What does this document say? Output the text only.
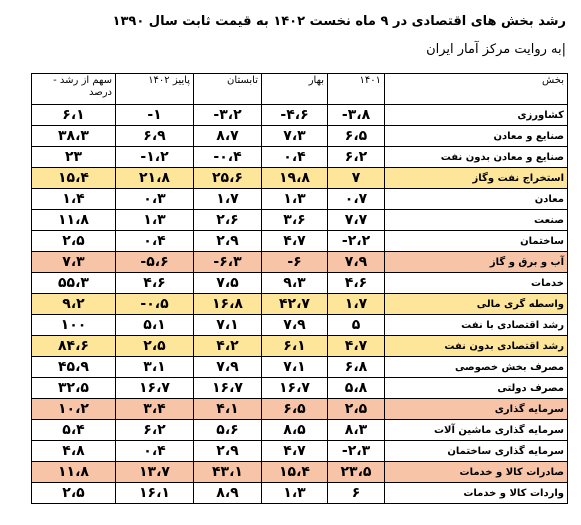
رشد بخش های اقتصادی در ۹ ماه نخست ۱۴۰۲ به قیمت ثابت سال ۱۳۹۰
|به روایت مرکز آمار ایران
بخش	۱۴۰۱	بهار	تابستان	پاییز ۱۴۰۲	سهم از رشد - درصد
کشاورزی	-۳،۸	-۴،۶	-۳،۲	-۱	۶،۱
صنایع و معادن	۶،۵	۷،۳	۸،۷	۶،۹	۳۸،۳
صنایع و معادن بدون نفت	۶،۲	۰،۴	-۰،۴	-۱،۲	۲۳
استخراج نفت وگاز	۷	۱۹،۸	۲۵،۶	۲۱،۸	۱۵،۴
معادن	۰،۷	۱،۳	۱،۷	۰،۳	۱،۴
صنعت	۷،۷	۳،۶	۲،۶	۱،۳	۱۱،۸
ساختمان	-۲،۲	۴،۷	۲،۹	۰،۴	۲،۵
آب و برق و گاز	۷،۹	-۶	-۶،۳	-۵،۶	۷،۳
خدمات	۴،۶	۹،۳	۷،۵	۴،۶	۵۵،۳
واسطه گری مالی	۱،۷	۴۲،۷	۱۶،۸	-۰،۵	۹،۲
رشد اقتصادی با نفت	۵	۷،۹	۷،۱	۵،۱	۱۰۰
رشد اقتصادی بدون نفت	۴،۷	۶،۱	۴،۲	۲،۵	۸۴،۶
مصرف بخش خصوصی	۶،۸	۷،۱	۷،۹	۳،۱	۴۵،۹
مصرف دولتی	۵،۸	۱۶،۷	۱۶،۷	۱۶،۷	۳۲،۵
سرمایه گذاری	۲،۵	۶،۵	۴،۱	۳،۴	۱۰،۲
سرمایه گذاری ماشین آلات	۸،۳	۸،۵	۵،۶	۶،۲	۵،۴
سرمایه گذاری ساختمان	-۲،۳	۴،۷	۲،۹	۰،۴	۴،۸
صادرات کالا و خدمات	۲۳،۵	۱۵،۴	۴۳،۱	۱۳،۷	۱۱،۸
واردات کالا و خدمات	۶	۱،۳	۸،۹	۱۶،۱	۲،۵
